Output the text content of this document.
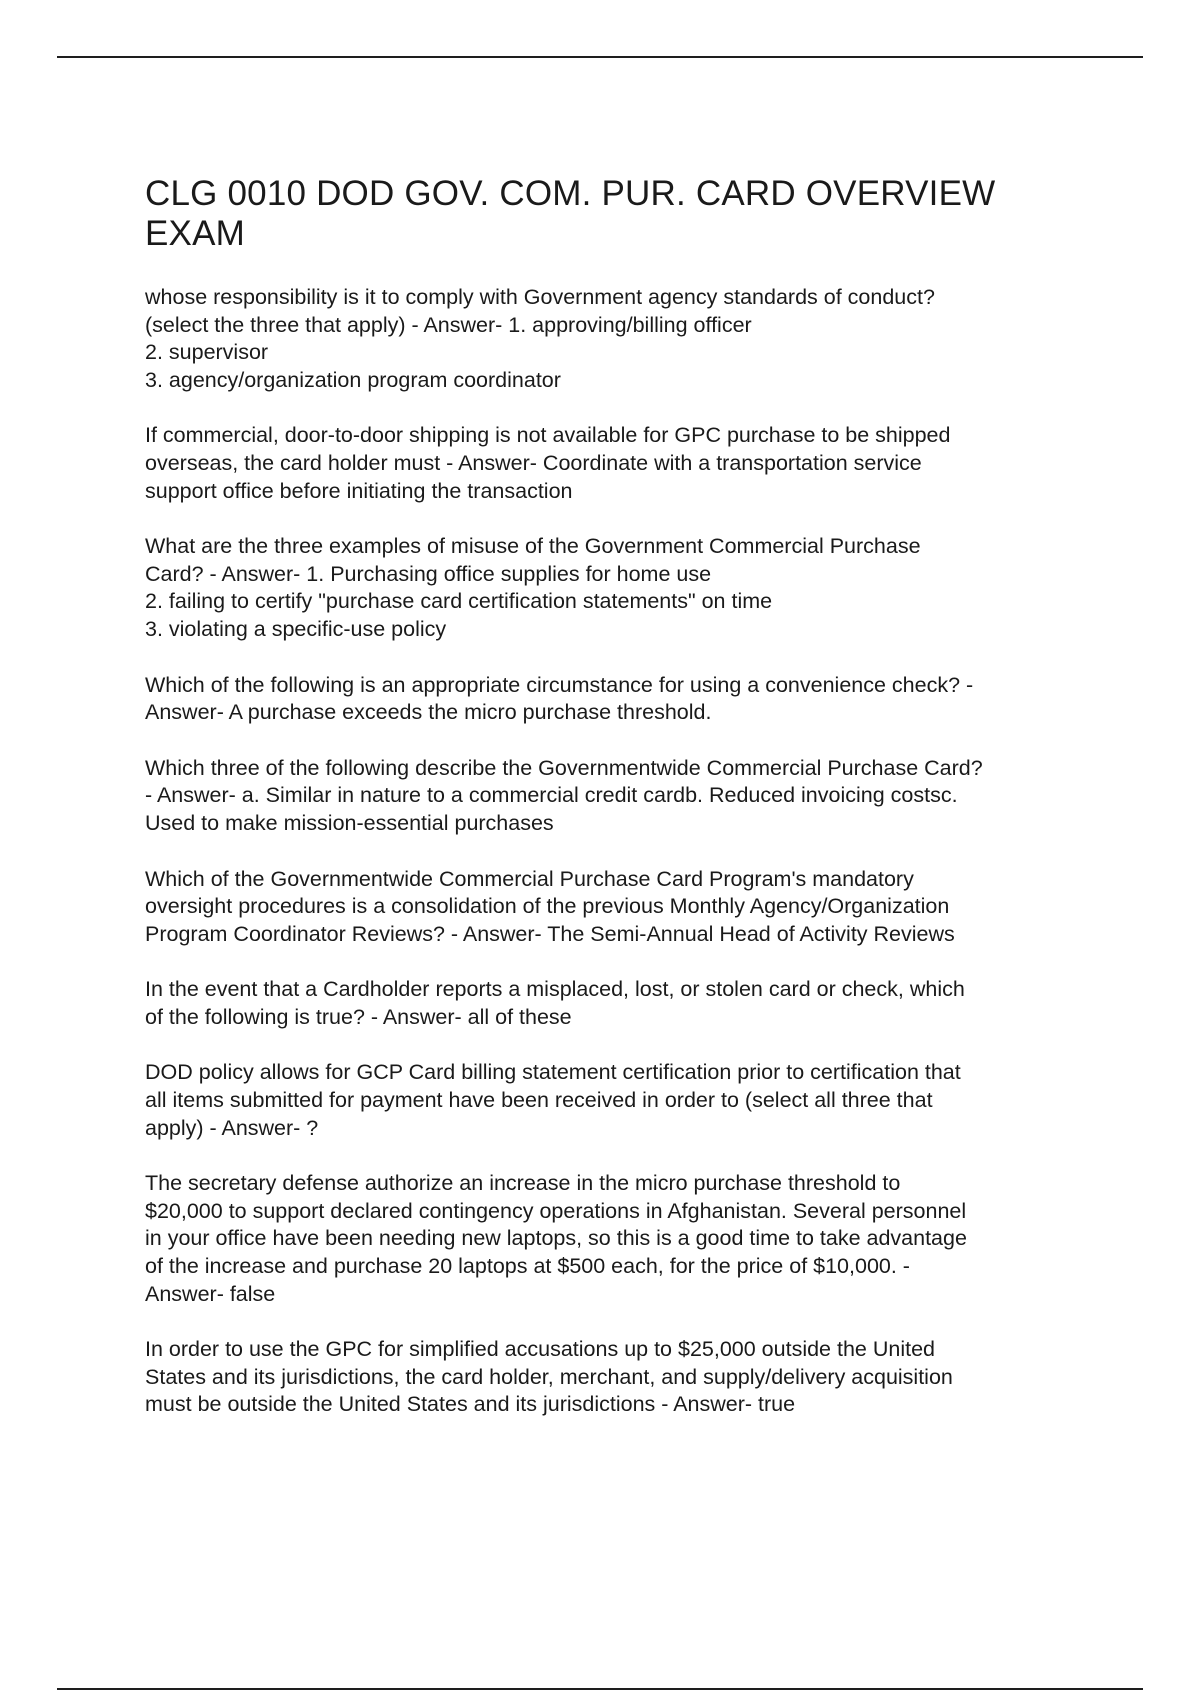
CLG 0010 DOD GOV. COM. PUR. CARD OVERVIEW
EXAM

whose responsibility is it to comply with Government agency standards of conduct?
(select the three that apply) - Answer- 1. approving/billing officer
2. supervisor
3. agency/organization program coordinator

If commercial, door-to-door shipping is not available for GPC purchase to be shipped
overseas, the card holder must - Answer- Coordinate with a transportation service
support office before initiating the transaction

What are the three examples of misuse of the Government Commercial Purchase
Card? - Answer- 1. Purchasing office supplies for home use
2. failing to certify "purchase card certification statements" on time
3. violating a specific-use policy

Which of the following is an appropriate circumstance for using a convenience check? -
Answer- A purchase exceeds the micro purchase threshold.

Which three of the following describe the Governmentwide Commercial Purchase Card?
- Answer- a. Similar in nature to a commercial credit cardb. Reduced invoicing costsc.
Used to make mission-essential purchases

Which of the Governmentwide Commercial Purchase Card Program's mandatory
oversight procedures is a consolidation of the previous Monthly Agency/Organization
Program Coordinator Reviews? - Answer- The Semi-Annual Head of Activity Reviews

In the event that a Cardholder reports a misplaced, lost, or stolen card or check, which
of the following is true? - Answer- all of these

DOD policy allows for GCP Card billing statement certification prior to certification that
all items submitted for payment have been received in order to (select all three that
apply) - Answer- ?

The secretary defense authorize an increase in the micro purchase threshold to
$20,000 to support declared contingency operations in Afghanistan. Several personnel
in your office have been needing new laptops, so this is a good time to take advantage
of the increase and purchase 20 laptops at $500 each, for the price of $10,000. -
Answer- false

In order to use the GPC for simplified accusations up to $25,000 outside the United
States and its jurisdictions, the card holder, merchant, and supply/delivery acquisition
must be outside the United States and its jurisdictions - Answer- true
